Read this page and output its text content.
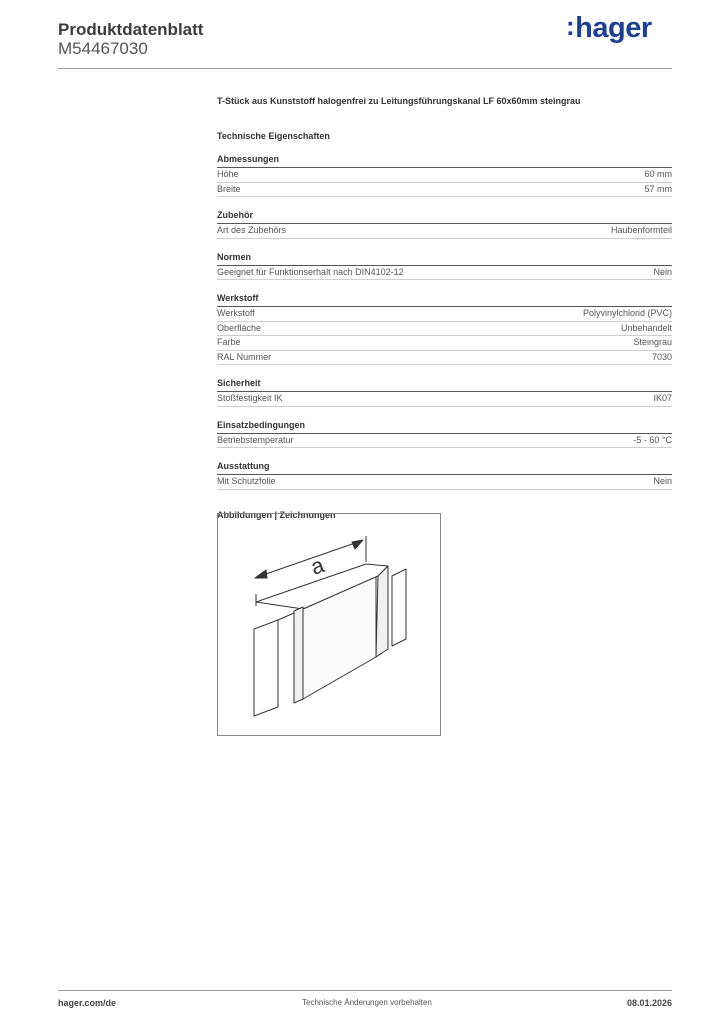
Produktdatenblatt
M54467030
:hager

T-Stück aus Kunststoff halogenfrei zu Leitungsführungskanal LF 60x60mm steingrau

Technische Eigenschaften
Abmessungen
Höhe	60 mm
Breite	57 mm
Zubehör
Art des Zubehörs	Haubenformteil
Normen
Geeignet für Funktionserhalt nach DIN4102-12	Nein
Werkstoff
Werkstoff	Polyvinylchlorid (PVC)
Oberfläche	Unbehandelt
Farbe	Steingrau
RAL Nummer	7030
Sicherheit
Stoßfestigkeit IK	IK07
Einsatzbedingungen
Betriebstemperatur	-5 - 60 °C
Ausstattung
Mit Schutzfolie	Nein
Abbildungen | Zeichnungen
a
hager.com/de	Technische Änderungen vorbehalten	08.01.2026
